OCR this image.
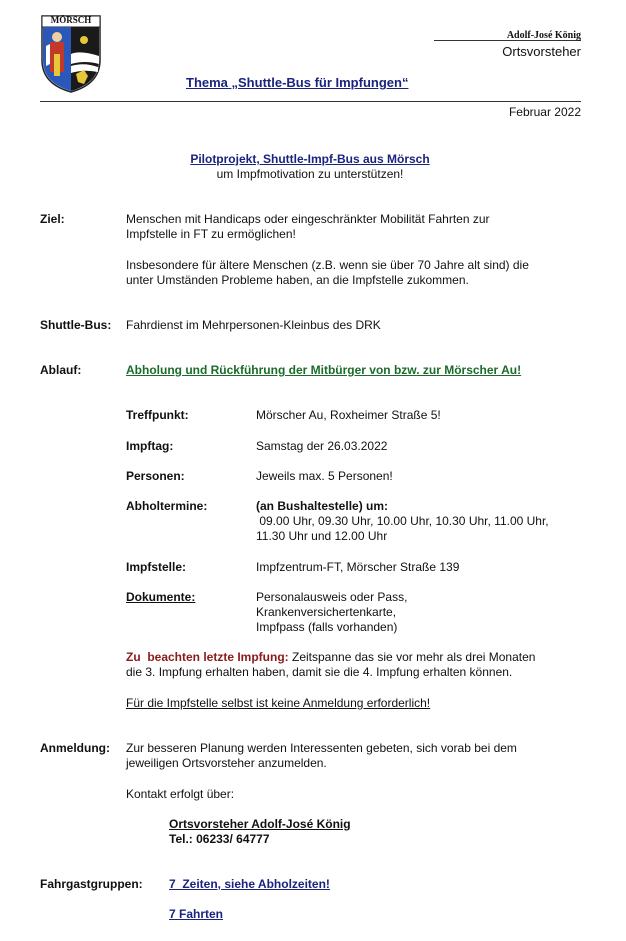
MÖRSCH
Adolf-José König
Ortsvorsteher
Thema „Shuttle-Bus für Impfungen“
Februar 2022
Pilotprojekt, Shuttle-Impf-Bus aus Mörsch
um Impfmotivation zu unterstützen!
Ziel:	Menschen mit Handicaps oder eingeschränkter Mobilität Fahrten zur
Impfstelle in FT zu ermöglichen!
Insbesondere für ältere Menschen (z.B. wenn sie über 70 Jahre alt sind) die
unter Umständen Probleme haben, an die Impfstelle zukommen.
Shuttle-Bus: Fahrdienst im Mehrpersonen-Kleinbus des DRK
Ablauf:	Abholung und Rückführung der Mitbürger von bzw. zur Mörscher Au!
Treffpunkt:	Mörscher Au, Roxheimer Straße 5!
Impftag:	Samstag der 26.03.2022
Personen:	Jeweils max. 5 Personen!
Abholtermine:	(an Bushaltestelle) um:
09.00 Uhr, 09.30 Uhr, 10.00 Uhr, 10.30 Uhr, 11.00 Uhr,
11.30 Uhr und 12.00 Uhr
Impfstelle:	Impfzentrum-FT, Mörscher Straße 139
Dokumente:	Personalausweis oder Pass,
Krankenversichertenkarte,
Impfpass (falls vorhanden)
Zu  beachten letzte Impfung: Zeitspanne das sie vor mehr als drei Monaten
die 3. Impfung erhalten haben, damit sie die 4. Impfung erhalten können.
Für die Impfstelle selbst ist keine Anmeldung erforderlich!
Anmeldung: Zur besseren Planung werden Interessenten gebeten, sich vorab bei dem
jeweiligen Ortsvorsteher anzumelden.
Kontakt erfolgt über:
Ortsvorsteher Adolf-José König
Tel.: 06233/ 64777
Fahrgastgruppen: 7  Zeiten, siehe Abholzeiten!
7 Fahrten
